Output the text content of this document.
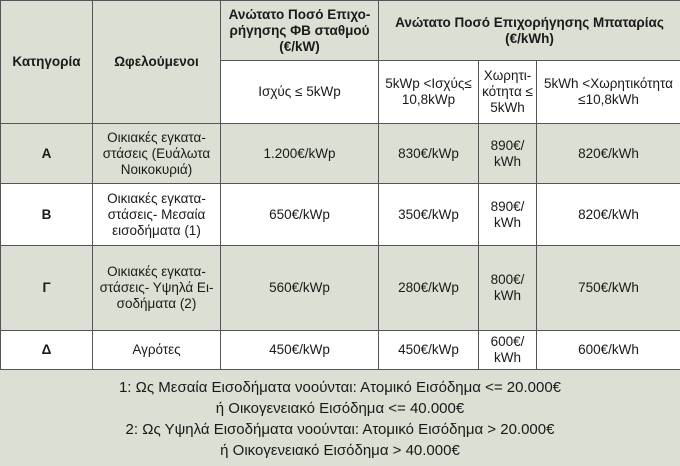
Κατηγορία	Ωφελούμενοι	Ανώτατο Ποσό Επιχο-ρήγησης ΦΒ σταθμού (€/kW)	Ανώτατο Ποσό Επιχορήγησης Μπαταρίας (€/kWh)		
		Ισχύς ≤ 5kWp	5kWp <Ισχύς≤ 10,8kWp	Χωρητι-κότητα ≤ 5kWh	5kWh <Χωρητικότητα ≤10,8kWh
Α	Οικιακές εγκατα-στάσεις (Ευάλωτα Νοικοκυριά)	1.200€/kWp	830€/kWp	890€/ kWh	820€/kWh
Β	Οικιακές εγκατα-στάσεις- Μεσαία εισοδήματα (1)	650€/kWp	350€/kWp	890€/ kWh	820€/kWh
Γ	Οικιακές εγκατα-στάσεις- Υψηλά Ει-σοδήματα (2)	560€/kWp	280€/kWp	800€/ kWh	750€/kWh
Δ	Αγρότες	450€/kWp	450€/kWp	600€/ kWh	600€/kWh
1: Ως Μεσαία Εισοδήματα νοούνται: Ατομικό Εισόδημα <= 20.000€
ή Οικογενειακό Εισόδημα <= 40.000€
2: Ως Υψηλά Εισοδήματα νοούνται: Ατομικό Εισόδημα > 20.000€
ή Οικογενειακό Εισόδημα > 40.000€
